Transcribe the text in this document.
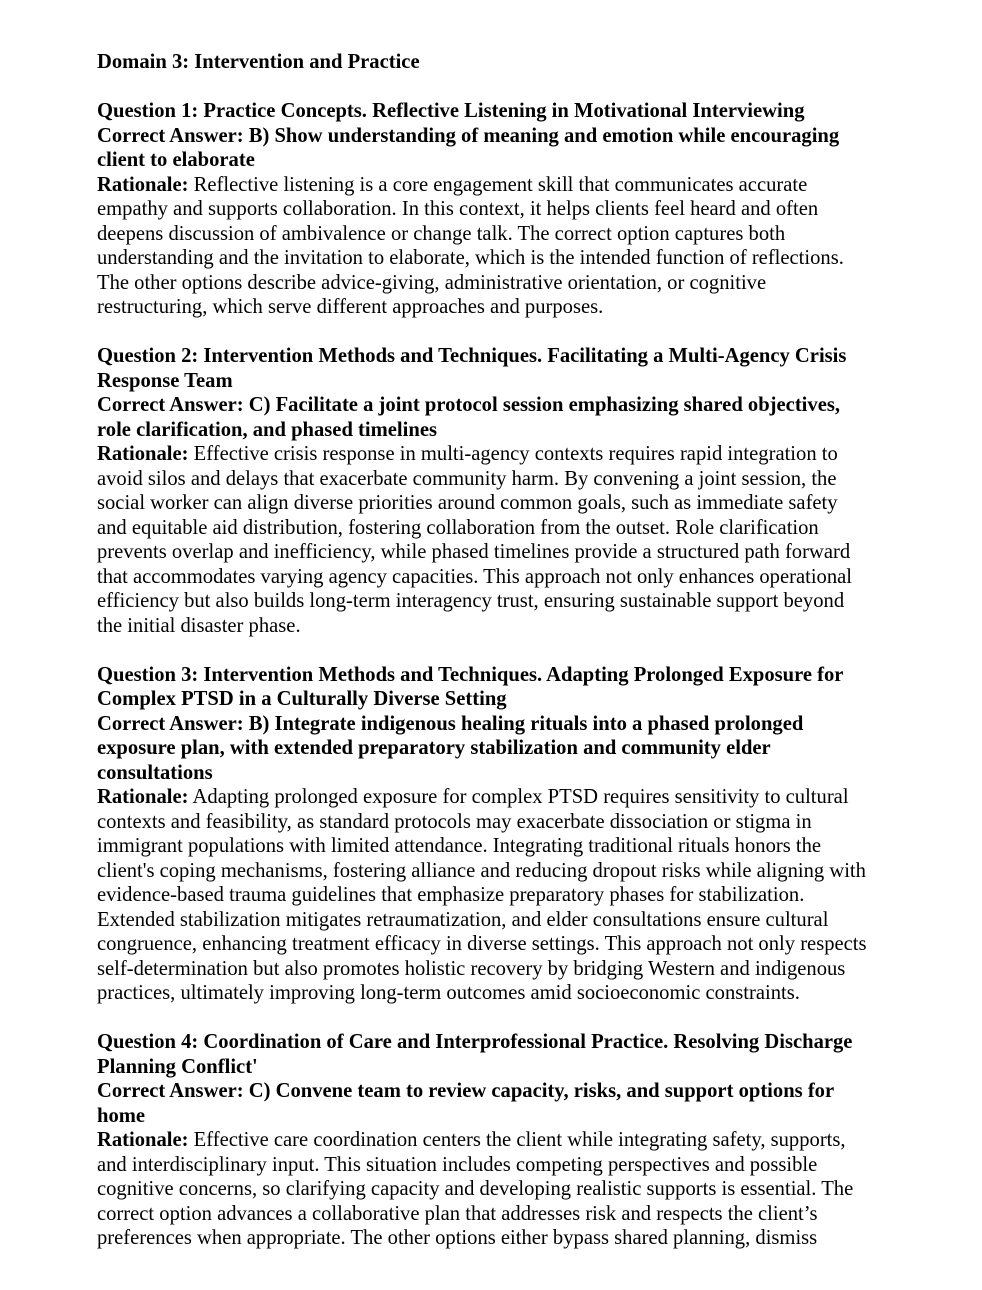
Domain 3: Intervention and Practice
Question 1: Practice Concepts. Reflective Listening in Motivational Interviewing
Correct Answer: B) Show understanding of meaning and emotion while encouraging
client to elaborate
Rationale: Reflective listening is a core engagement skill that communicates accurate
empathy and supports collaboration. In this context, it helps clients feel heard and often
deepens discussion of ambivalence or change talk. The correct option captures both
understanding and the invitation to elaborate, which is the intended function of reflections.
The other options describe advice-giving, administrative orientation, or cognitive
restructuring, which serve different approaches and purposes.
Question 2: Intervention Methods and Techniques. Facilitating a Multi-Agency Crisis
Response Team
Correct Answer: C) Facilitate a joint protocol session emphasizing shared objectives,
role clarification, and phased timelines
Rationale: Effective crisis response in multi-agency contexts requires rapid integration to
avoid silos and delays that exacerbate community harm. By convening a joint session, the
social worker can align diverse priorities around common goals, such as immediate safety
and equitable aid distribution, fostering collaboration from the outset. Role clarification
prevents overlap and inefficiency, while phased timelines provide a structured path forward
that accommodates varying agency capacities. This approach not only enhances operational
efficiency but also builds long-term interagency trust, ensuring sustainable support beyond
the initial disaster phase.
Question 3: Intervention Methods and Techniques. Adapting Prolonged Exposure for
Complex PTSD in a Culturally Diverse Setting
Correct Answer: B) Integrate indigenous healing rituals into a phased prolonged
exposure plan, with extended preparatory stabilization and community elder
consultations
Rationale: Adapting prolonged exposure for complex PTSD requires sensitivity to cultural
contexts and feasibility, as standard protocols may exacerbate dissociation or stigma in
immigrant populations with limited attendance. Integrating traditional rituals honors the
client's coping mechanisms, fostering alliance and reducing dropout risks while aligning with
evidence-based trauma guidelines that emphasize preparatory phases for stabilization.
Extended stabilization mitigates retraumatization, and elder consultations ensure cultural
congruence, enhancing treatment efficacy in diverse settings. This approach not only respects
self-determination but also promotes holistic recovery by bridging Western and indigenous
practices, ultimately improving long-term outcomes amid socioeconomic constraints.
Question 4: Coordination of Care and Interprofessional Practice. Resolving Discharge
Planning Conflict'
Correct Answer: C) Convene team to review capacity, risks, and support options for
home
Rationale: Effective care coordination centers the client while integrating safety, supports,
and interdisciplinary input. This situation includes competing perspectives and possible
cognitive concerns, so clarifying capacity and developing realistic supports is essential. The
correct option advances a collaborative plan that addresses risk and respects the client’s
preferences when appropriate. The other options either bypass shared planning, dismiss
